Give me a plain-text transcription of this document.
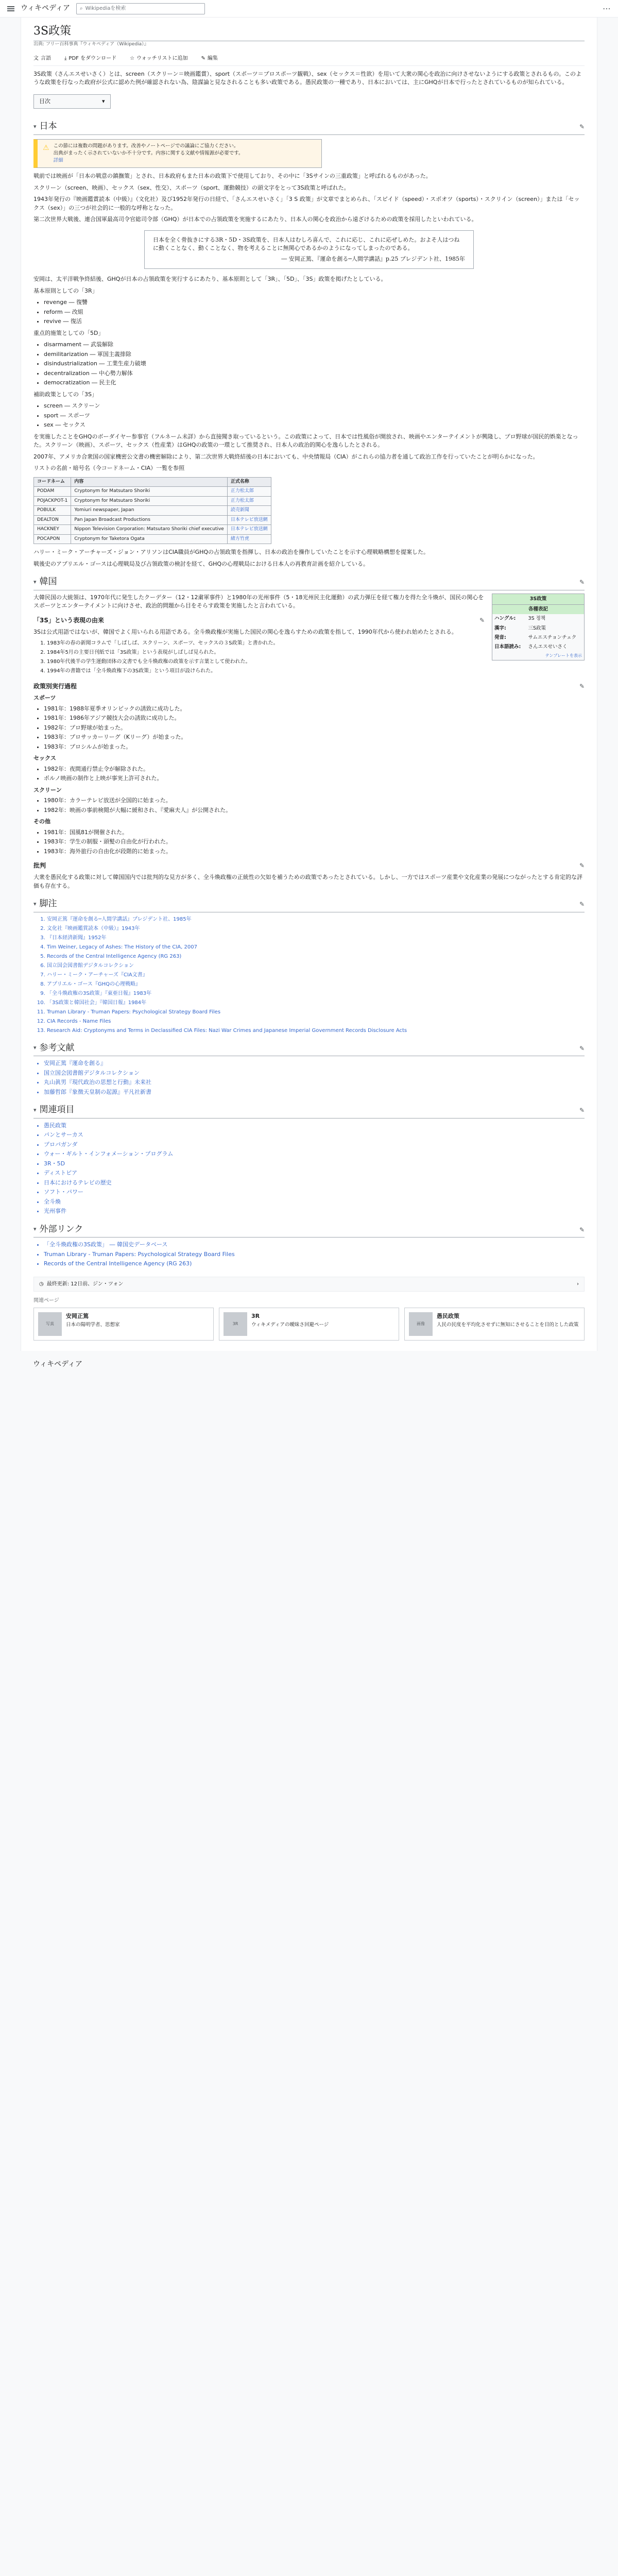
ウィキペディア ⌕ Wikipediaを検索	⋯
3S政策
出典: フリー百科事典『ウィキペディア（Wikipedia）』
文 言語	⤓ PDF をダウンロード	☆ ウォッチリストに追加	✎ 編集

3S政策（さんエスせいさく）とは、screen（スクリーン＝映画鑑賞）、sport（スポーツ＝プロスポーツ観戦）、sex（セックス＝性欲）を用いて大衆の関心を政治に向けさせないようにする政策とされるもの。このような政策を行なった政府が公式に認めた例が確認されない為、陰謀論と見なされることも多い政策である。愚民政策の一種であり、日本においては、主にGHQが日本で行ったとされているものが知られている。

目次	▾
▾ 日本	✎
⚠ この節には複数の問題があります。改善やノートページでの議論にご協力ください。
出典がまったく示されていないか不十分です。内容に関する文献や情報源が必要です。
詳細

戦前では映画が「日本の戦意の鎮撫策」とされ、日本政府もまた日本の政策下で使用しており、その中に「3Sサインの三重政策」と呼ばれるものがあった。

スクリーン（screen、映画）、セックス（sex、性交）、スポーツ（sport、運動競技）の頭文字をとって3S政策と呼ばれた。

1943年発行の『映画鑑賞読本（中級）』（文化社）及び1952年発行の日経で、「さんエスせいさく」「3 S 政策」が文章でまとめられ、「スピイド（speed）・スポオツ（sports）・スクリイン（screen）」または「セックス（sex）」の三つが社会的に一般的な呼称となった。

第二次世界大戦後、連合国軍最高司令官総司令部（GHQ）が日本での占領政策を実施するにあたり、日本人の関心を政治から遠ざけるための政策を採用したといわれている。

日本を全く骨抜きにする3R・5D・3S政策を、日本人はむしろ喜んで、これに応じ、これに応ぜしめた。およそ人はつねに動くことなく、動くことなく、物を考えることに無関心であるかのようになってしまったのである。
― 安岡正篤、『運命を創る─人間学講話』p.25 プレジデント社、1985年

安岡は、太平洋戦争終結後、GHQが日本の占領政策を実行するにあたり、基本原則として「3R」、「5D」、「3S」政策を掲げたとしている。

基本原則としての「3R」

• revenge ― 復讐
• reform ― 改組
• revive ― 復活

重点的施策としての「5D」

• disarmament ― 武装解除
• demilitarization ― 軍国主義排除
• disindustrialization ― 工業生産力破壊
• decentralization ― 中心勢力解体
• democratization ― 民主化

補助政策としての「3S」

• screen ― スクリーン
• sport ― スポーツ
• sex ― セックス

を実施したことをGHQのボーダイヤー参事官（フルネーム未詳）から直接聞き取っているという。この政策によって、日本では性風俗が開放され、映画やエンターテイメントが興隆し、プロ野球が国民的娯楽となった。スクリーン（映画）、スポーツ、セックス（性産業）はGHQの政策の一環として推奨され、日本人の政治的関心を逸らしたとされる。

2007年、アメリカ合衆国の国家機密公文書の機密解除により、第二次世界大戦終結後の日本においても、中央情報局（CIA）がこれらの協力者を通して政治工作を行っていたことが明らかになった。

リストの名前・暗号名（今コードネーム・CIA）一覧を参照

コードネーム	内容	正式名称
PODAM	Cryptonym for Matsutaro Shoriki	正力松太郎
POJACKPOT-1	Cryptonym for Matsutaro Shoriki	正力松太郎
POBULK	Yomiuri newspaper, Japan	読売新聞
DEALTON	Pan Japan Broadcast Productions	日本テレビ放送網
HACKNEY	Nippon Television Corporation: Matsutaro Shoriki chief executive	日本テレビ放送網
POCAPON	Cryptonym for Taketora Ogata	緒方竹虎

ハリー・ミーク・アーチャーズ・ジョン・アリソンはCIA職員がGHQの占領政策を指揮し、日本の政治を操作していたことを示す心理戦略構想を提案した。

戦後史のアプリエル・ゴースは心理戦局及び占領政策の検討を経て、GHQの心理戦局における日本人の再教育計画を紹介している。

▾ 韓国	✎
3S政策
各種表記
ハングル:	3S 정책
漢字:	三S政策
発音:	サムエスチョンチェク
日本語読み:	さんエスせいさく
テンプレートを表示

大韓民国の大統領は、1970年代に発生したクーデター（12・12粛軍事件）と1980年の光州事件（5・18光州民主化運動）の武力弾圧を経て権力を得た全斗煥が、国民の関心をスポーツとエンターテイメントに向けさせ、政治的問題から目をそらす政策を実施したと言われている。

「3S」という表現の由来	✎

3Sは公式用語ではないが、韓国でよく用いられる用語である。全斗煥政権が実施した国民の関心を逸らすための政策を指して、1990年代から使われ始めたとされる。

1. 1983年の春の新聞コラムで「しばしば、スクリーン、スポーツ、セックスの３S政策」と書かれた。
2. 1984年5月の主要日刊紙では「3S政策」という表現がしばしば見られた。
3. 1980年代後半の学生運動団体の文書でも全斗煥政権の政策を示す言葉として使われた。
4. 1994年の書籍では「全斗煥政権下の3S政策」という項目が設けられた。
政策別実行過程	✎
スポーツ
• 1981年：1988年夏季オリンピックの誘致に成功した。
• 1981年：1986年アジア競技大会の誘致に成功した。
• 1982年：プロ野球が始まった。
• 1983年：プロサッカーリーグ（Kリーグ）が始まった。
• 1983年：プロシルムが始まった。
セックス
• 1982年：夜間通行禁止令が解除された。
• ポルノ映画の制作と上映が事実上許可された。
スクリーン
• 1980年：カラーテレビ放送が全国的に始まった。
• 1982年：映画の事前検閲が大幅に緩和され、『愛麻夫人』が公開された。
その他
• 1981年：国風81が開催された。
• 1983年：学生の制服・頭髪の自由化が行われた。
• 1983年：海外旅行の自由化が段階的に始まった。
批判	✎

大衆を愚民化する政策に対して韓国国内では批判的な見方が多く、全斗煥政権の正統性の欠如を補うための政策であったとされている。しかし、一方ではスポーツ産業や文化産業の発展につながったとする肯定的な評価も存在する。

▾ 脚注	✎
1. 安岡正篤『運命を創る─人間学講話』プレジデント社、1985年
2. 文化社『映画鑑賞読本（中級）』1943年
3. 『日本経済新聞』1952年
4. Tim Weiner, Legacy of Ashes: The History of the CIA, 2007
5. Records of the Central Intelligence Agency (RG 263)
6. 国立国会図書館デジタルコレクション
7. ハリー・ミーク・アーチャーズ『CIA文書』
8. アプリエル・ゴース『GHQの心理戦略』
9. 「全斗煥政権の3S政策」『東亜日報』1983年
10. 「3S政策と韓国社会」『韓国日報』1984年
11. Truman Library - Truman Papers: Psychological Strategy Board Files
12. CIA Records - Name Files
13. Research Aid: Cryptonyms and Terms in Declassified CIA Files: Nazi War Crimes and Japanese Imperial Government Records Disclosure Acts
▾ 参考文献	✎
• 安岡正篤『運命を創る』
• 国立国会図書館デジタルコレクション
• 丸山眞男『現代政治の思想と行動』未来社
• 加藤哲郎『象徴天皇制の起源』平凡社新書
▾ 関連項目	✎
• 愚民政策
• パンとサーカス
• プロパガンダ
• ウォー・ギルト・インフォメーション・プログラム
• 3R・5D
• ディストピア
• 日本におけるテレビの歴史
• ソフト・パワー
• 全斗煥
• 光州事件
▾ 外部リンク	✎
• 「全斗煥政権の3S政策」 ― 韓国史データベース
• Truman Library - Truman Papers: Psychological Strategy Board Files
• Records of the Central Intelligence Agency (RG 263)
◷ 最終更新: 12日前、ジン・ツォン	›
関連ページ
写真
安岡正篤
日本の陽明学者、思想家	3R
3R
ウィキメディアの曖昧さ回避ページ	画像
愚民政策
人民の民度を平均化させずに無知にさせることを目的とした政策
ウィキペディア
